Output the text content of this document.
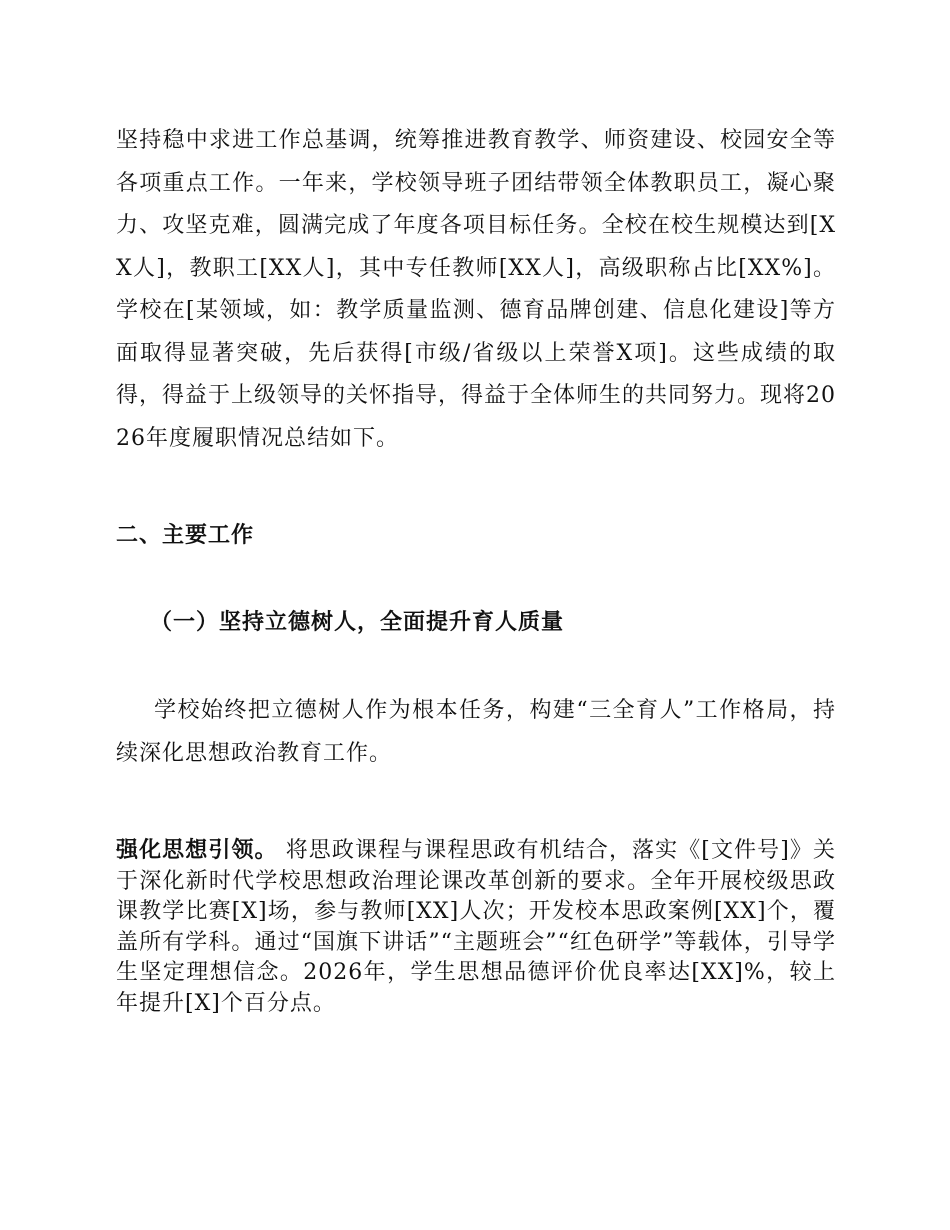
坚持稳中求进工作总基调，统筹推进教育教学、师资建设、校园安全等各项重点工作。一年来，学校领导班子团结带领全体教职员工，凝心聚力、攻坚克难，圆满完成了年度各项目标任务。全校在校生规模达到[XX人]，教职工[XX人]，其中专任教师[XX人]，高级职称占比[XX%]。学校在[某领域，如：教学质量监测、德育品牌创建、信息化建设]等方面取得显著突破，先后获得[市级/省级以上荣誉X项]。这些成绩的取得，得益于上级领导的关怀指导，得益于全体师生的共同努力。现将2026年度履职情况总结如下。

二、主要工作
（一）坚持立德树人，全面提升育人质量

学校始终把立德树人作为根本任务，构建“三全育人”工作格局，持续深化思想政治教育工作。

强化思想引领。 将思政课程与课程思政有机结合，落实《[文件号]》关于深化新时代学校思想政治理论课改革创新的要求。全年开展校级思政课教学比赛[X]场，参与教师[XX]人次；开发校本思政案例[XX]个，覆盖所有学科。通过“国旗下讲话”“主题班会”“红色研学”等载体，引导学生坚定理想信念。2026年，学生思想品德评价优良率达[XX]%，较上年提升[X]个百分点。
